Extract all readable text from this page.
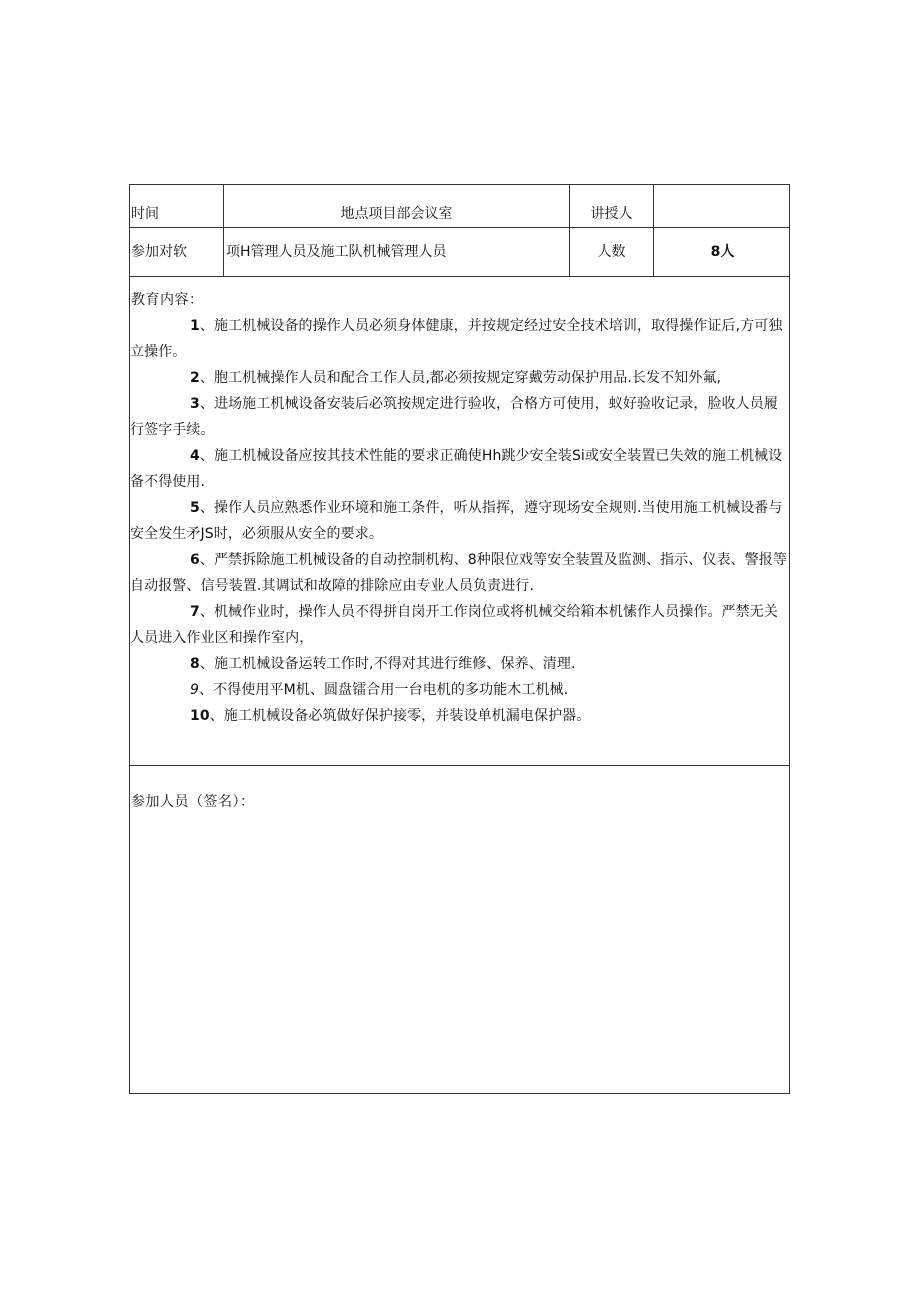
时间	地点项目部会议室	讲授人
参加对软	项H管理人员及施工队机械管理人员	人数	8人
教育内容：

1、施工机械设备的操作人员必须身体健康，并按规定经过安全技术培训，取得操作证后,方可独立操作。

2、胞工机械操作人员和配合工作人员,都必须按规定穿戴劳动保护用品.长发不知外氟,

3、进场施工机械设备安装后必筑按规定进行验收，合格方可使用，蚁好验收记录，脸收人员履行签字手续。

4、施工机械设备应按其技术性能的要求正确使Hh跳少安全装Si或安全装置已失效的施工机械设备不得使用.

5、操作人员应熟悉作业环境和施工条件，听从指挥，遵守现场安全规则.当使用施工机械设番与安全发生矛JS时，必须服从安全的要求。

6、严禁拆除施工机械设备的自动控制机构、8种限位戏等安全装置及监测、指示、仪表、警报等自动报警、信号装置.其调试和故障的排除应由专业人员负责进行.

7、机械作业时，操作人员不得拼自岗开工作岗位或将机械交给箱本机愫作人员操作。严禁无关人员进入作业区和操作室内，

8、施工机械设备运转工作时,不得对其进行维修、保养、清理.

9、不得使用平M机、圆盘镭合用一台电机的多功能木工机械.

10、施工机械设备必筑做好保护接零，并装设单机漏电保护器。

参加人员（签名）：
